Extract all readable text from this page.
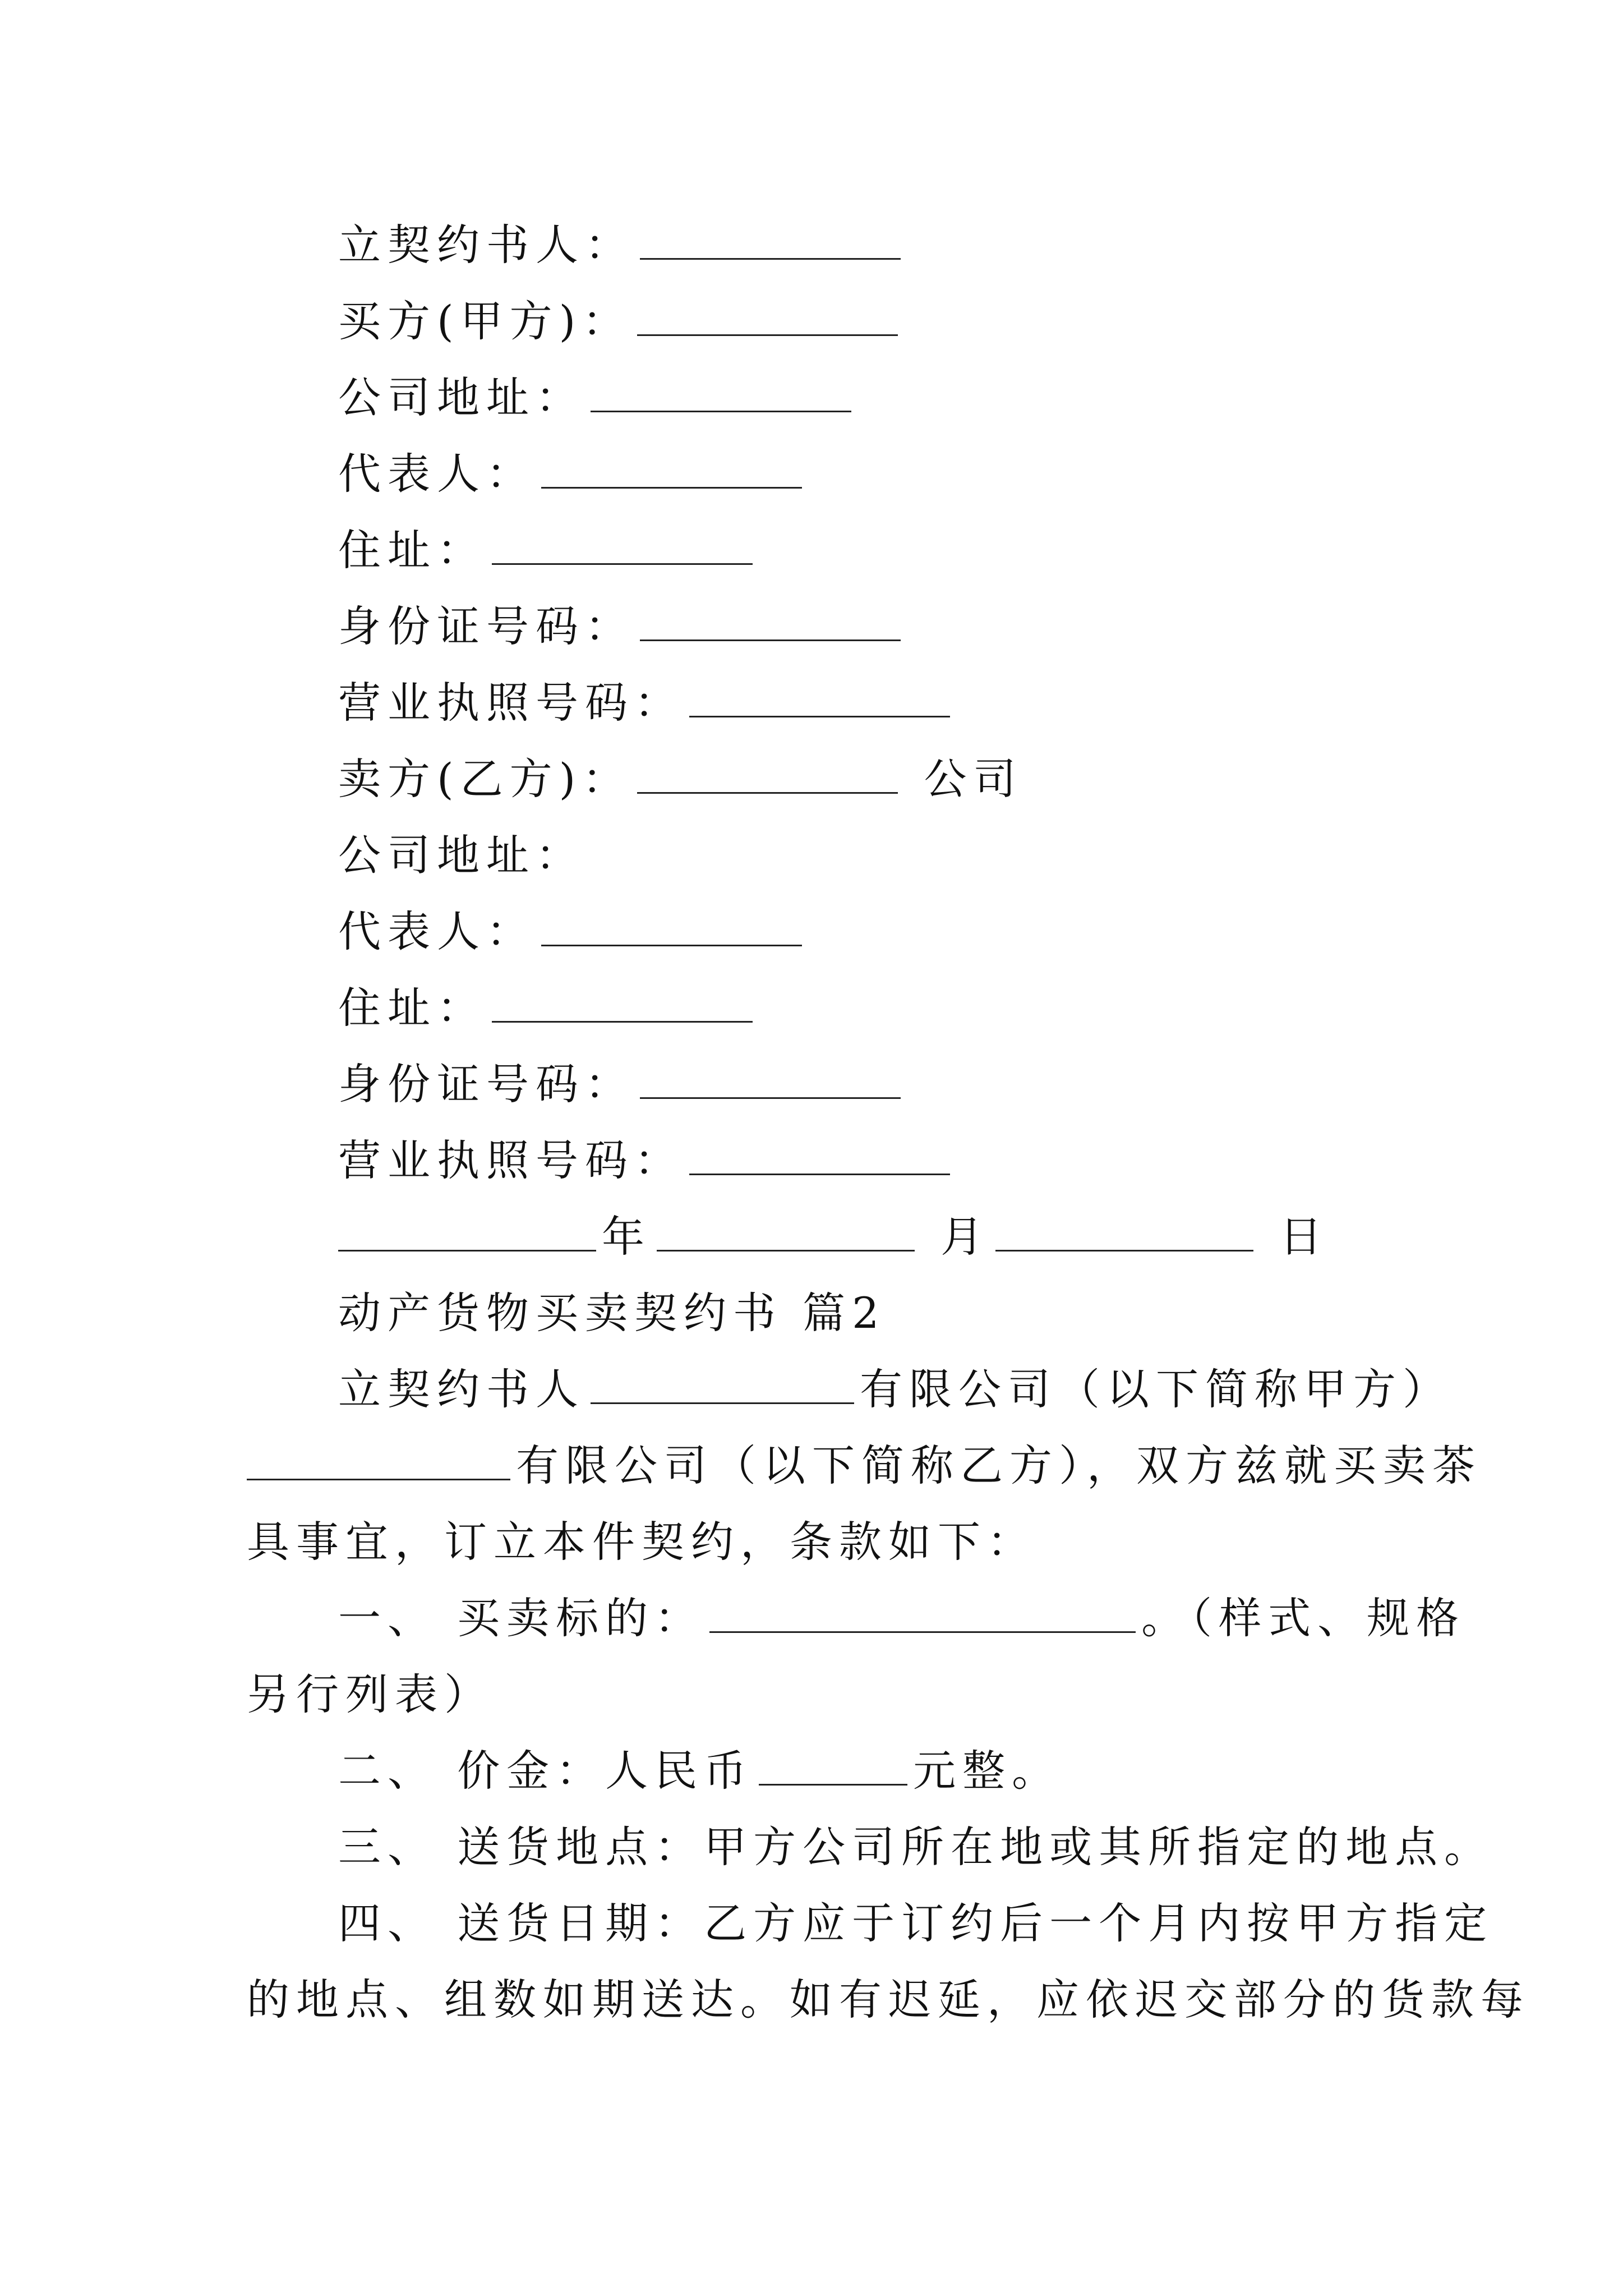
立契约书人：
买方(甲方)：
公司地址：
代表人：
住址：
身份证号码：
营业执照号码：
卖方(乙方)：	公司
公司地址：
代表人：
住址：
身份证号码：
营业执照号码：
年	月	日
动产货物买卖契约书 篇2
立契约书人	有限公司（以下简称甲方）
有限公司（以下简称乙方），双方兹就买卖茶
具事宜，订立本件契约，条款如下：
一、 买卖标的：	。（样式、规格
另行列表）
二、 价金：人民币	元整。
三、 送货地点：甲方公司所在地或其所指定的地点。
四、 送货日期：乙方应于订约后一个月内按甲方指定
的地点、组数如期送达。如有迟延，应依迟交部分的货款每
